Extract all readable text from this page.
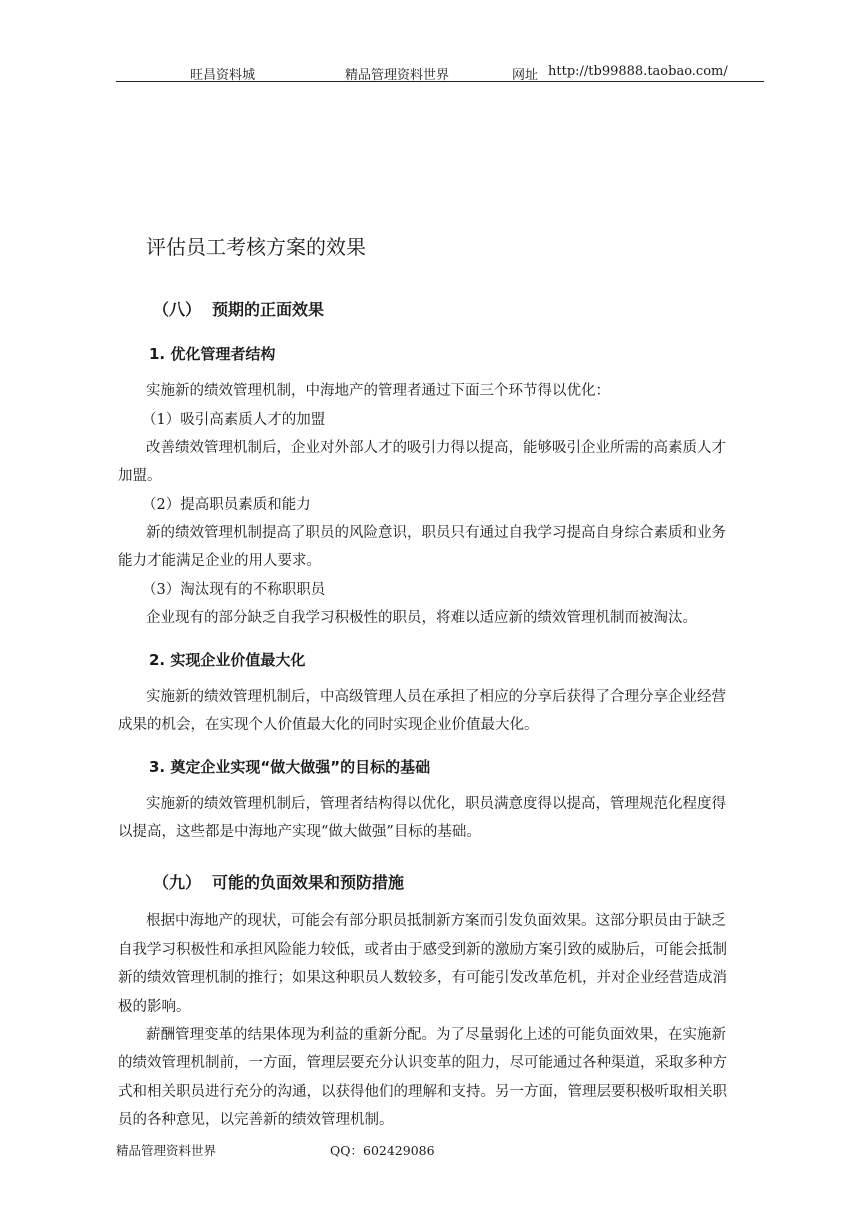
旺昌资料城	精品管理资料世界	网址 http://tb99888.taobao.com/
评估员工考核方案的效果
（八） 预期的正面效果
1. 优化管理者结构
实施新的绩效管理机制，中海地产的管理者通过下面三个环节得以优化：
（1）吸引高素质人才的加盟
改善绩效管理机制后，企业对外部人才的吸引力得以提高，能够吸引企业所需的高素质人才
加盟。
（2）提高职员素质和能力
新的绩效管理机制提高了职员的风险意识，职员只有通过自我学习提高自身综合素质和业务
能力才能满足企业的用人要求。
（3）淘汰现有的不称职职员
企业现有的部分缺乏自我学习积极性的职员，将难以适应新的绩效管理机制而被淘汰。
2. 实现企业价值最大化
实施新的绩效管理机制后，中高级管理人员在承担了相应的分享后获得了合理分享企业经营
成果的机会，在实现个人价值最大化的同时实现企业价值最大化。
3. 奠定企业实现“做大做强”的目标的基础
实施新的绩效管理机制后，管理者结构得以优化，职员满意度得以提高，管理规范化程度得
以提高，这些都是中海地产实现“做大做强”目标的基础。
（九） 可能的负面效果和预防措施
根据中海地产的现状，可能会有部分职员抵制新方案而引发负面效果。这部分职员由于缺乏
自我学习积极性和承担风险能力较低，或者由于感受到新的激励方案引致的威胁后，可能会抵制
新的绩效管理机制的推行；如果这种职员人数较多，有可能引发改革危机，并对企业经营造成消
极的影响。
薪酬管理变革的结果体现为利益的重新分配。为了尽量弱化上述的可能负面效果，在实施新
的绩效管理机制前，一方面，管理层要充分认识变革的阻力，尽可能通过各种渠道，采取多种方
式和相关职员进行充分的沟通，以获得他们的理解和支持。另一方面，管理层要积极听取相关职
员的各种意见，以完善新的绩效管理机制。
精品管理资料世界	QQ：602429086
